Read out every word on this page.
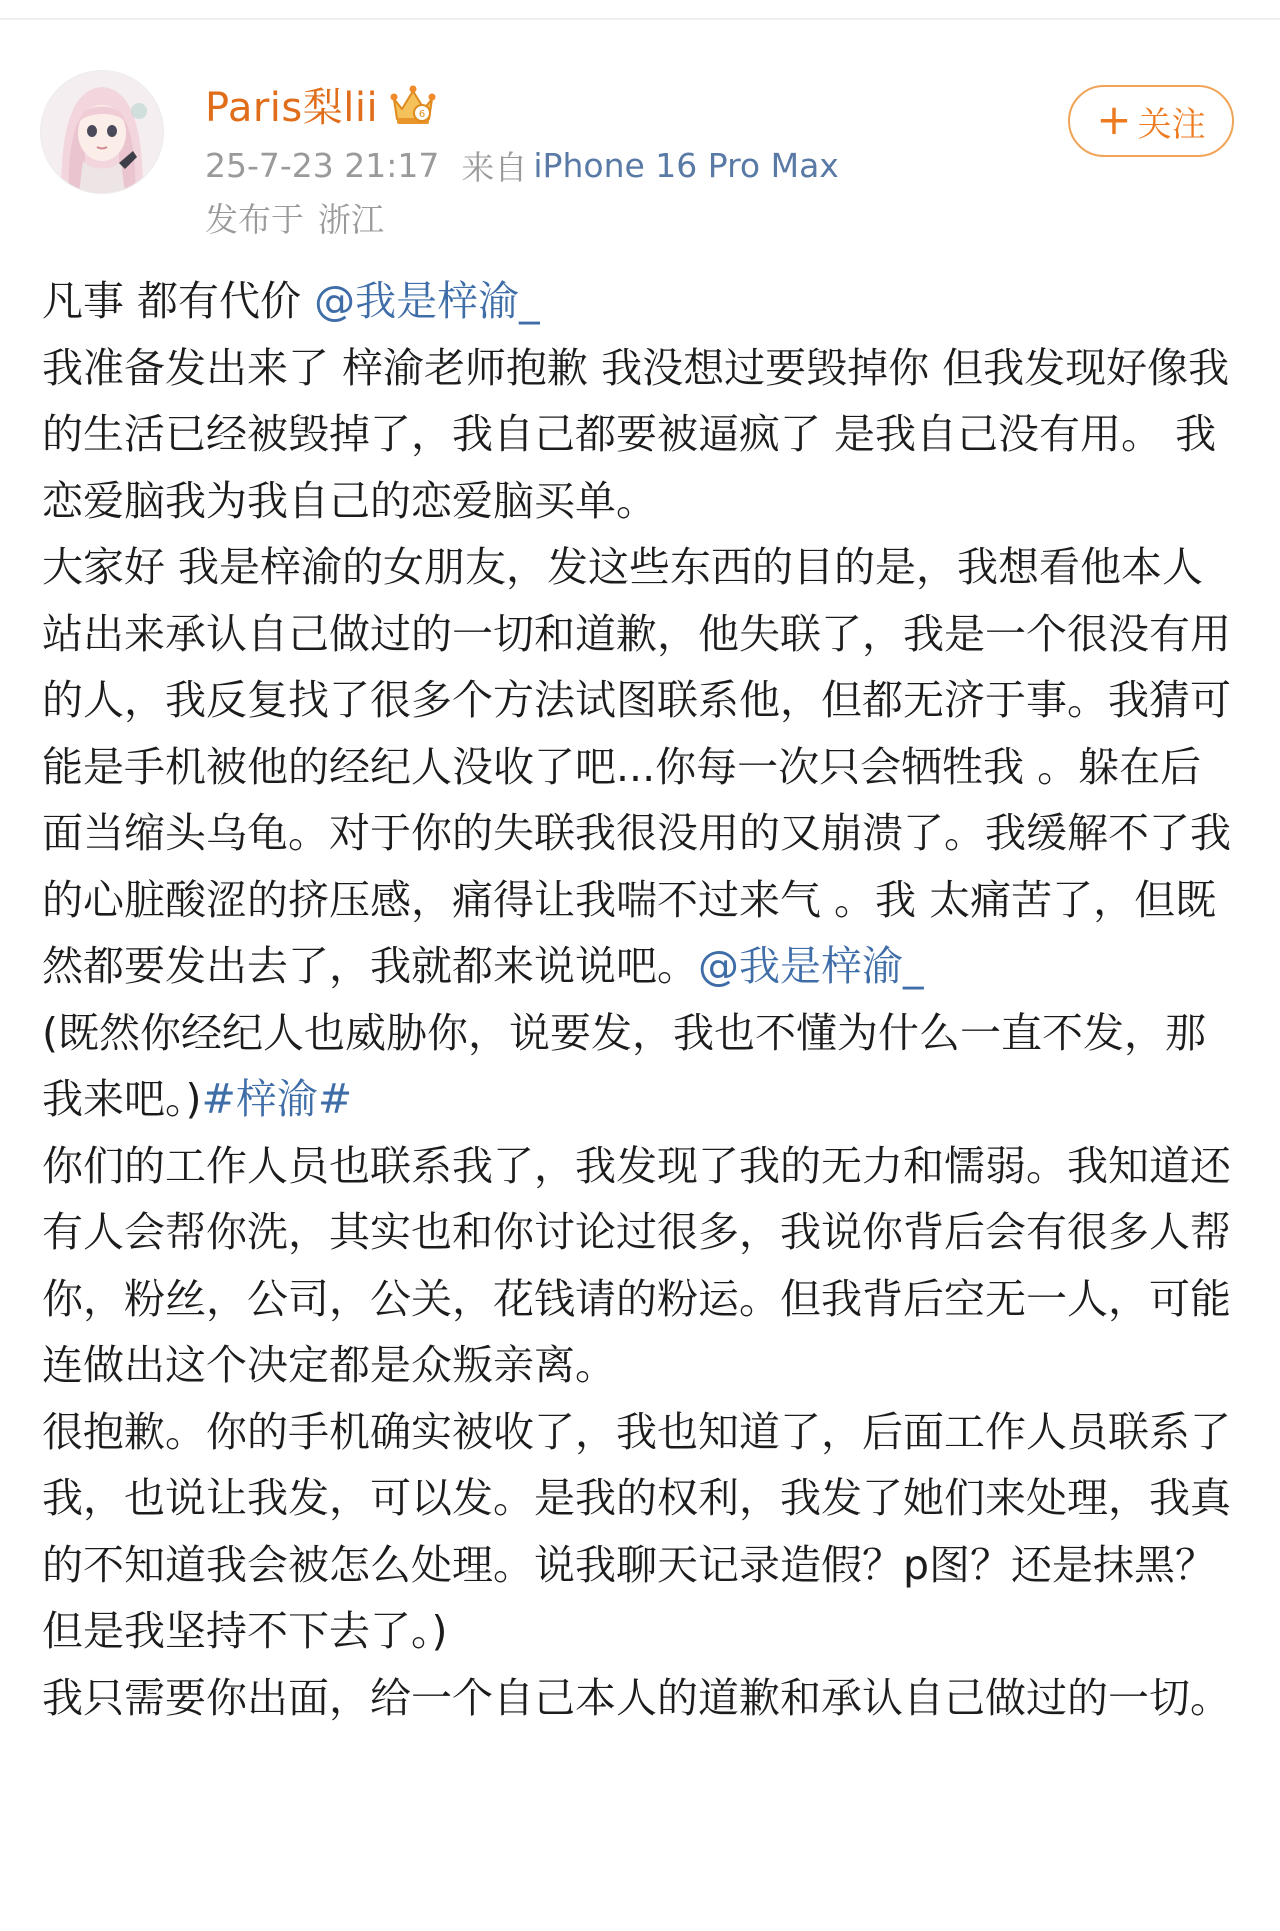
Paris梨lii	6
25-7-23 21:17 来自 iPhone 16 Pro Max
发布于 浙江
+ 关注

凡事 都有代价 @我是梓渝_

我准备发出来了 梓渝老师抱歉 我没想过要毁掉你 但我发现好像我的生活已经被毁掉了，我自己都要被逼疯了 是我自己没有用。 我恋爱脑我为我自己的恋爱脑买单。

大家好 我是梓渝的女朋友，发这些东西的目的是，我想看他本人站出来承认自己做过的一切和道歉，他失联了，我是一个很没有用的人，我反复找了很多个方法试图联系他，但都无济于事。我猜可能是手机被他的经纪人没收了吧...你每一次只会牺牲我 。躲在后面当缩头乌龟。对于你的失联我很没用的又崩溃了。我缓解不了我的心脏酸涩的挤压感，痛得让我喘不过来气 。我 太痛苦了，但既然都要发出去了，我就都来说说吧。@我是梓渝_

(既然你经纪人也威胁你，说要发，我也不懂为什么一直不发，那我来吧。)#梓渝#

你们的工作人员也联系我了，我发现了我的无力和懦弱。我知道还有人会帮你洗，其实也和你讨论过很多，我说你背后会有很多人帮你，粉丝，公司，公关，花钱请的粉运。但我背后空无一人，可能连做出这个决定都是众叛亲离。

很抱歉。你的手机确实被收了，我也知道了，后面工作人员联系了我，也说让我发，可以发。是我的权利，我发了她们来处理，我真的不知道我会被怎么处理。说我聊天记录造假？p图？还是抹黑？但是我坚持不下去了。)

我只需要你出面，给一个自己本人的道歉和承认自己做过的一切。
